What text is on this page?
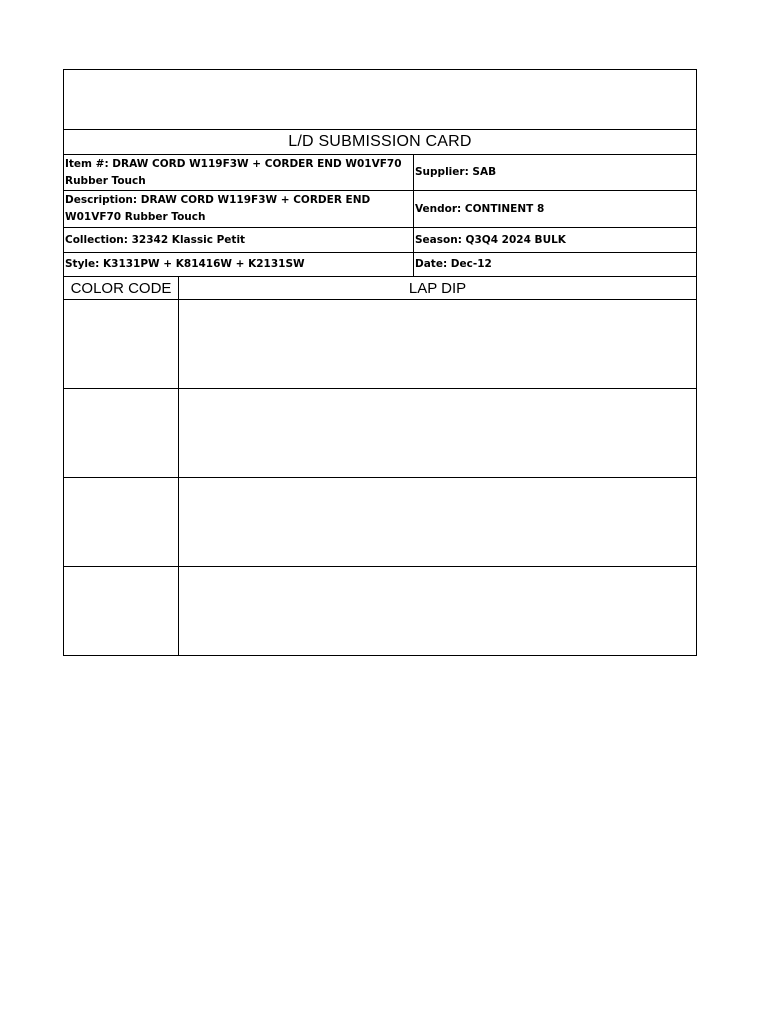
L/D SUBMISSION CARD		
Item #: DRAW CORD W119F3W + CORDER END W01VF70 Rubber Touch		Supplier: SAB
Description: DRAW CORD W119F3W + CORDER END W01VF70 Rubber Touch		Vendor: CONTINENT 8
Collection: 32342 Klassic Petit		Season: Q3Q4 2024 BULK
Style: K3131PW + K81416W + K2131SW		Date: Dec-12
COLOR CODE	LAP DIP	
